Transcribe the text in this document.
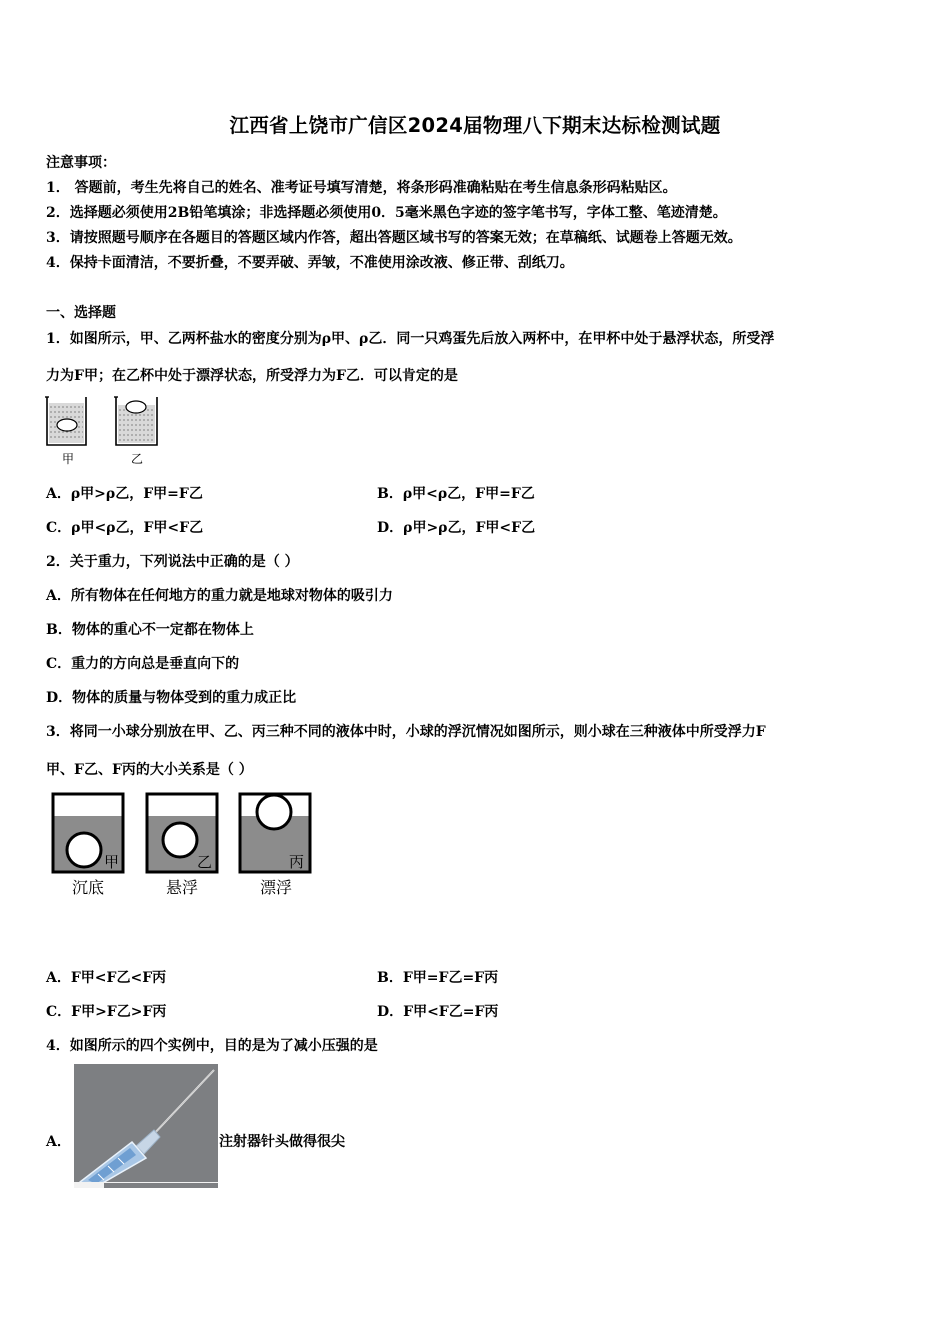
江西省上饶市广信区2024届物理八下期末达标检测试题
注意事项：
1． 答题前，考生先将自己的姓名、准考证号填写清楚，将条形码准确粘贴在考生信息条形码粘贴区。
2．选择题必须使用2B铅笔填涂；非选择题必须使用0．5毫米黑色字迹的签字笔书写，字体工整、笔迹清楚。
3．请按照题号顺序在各题目的答题区域内作答，超出答题区域书写的答案无效；在草稿纸、试题卷上答题无效。
4．保持卡面清洁，不要折叠，不要弄破、弄皱，不准使用涂改液、修正带、刮纸刀。
一、选择题
1．如图所示，甲、乙两杯盐水的密度分别为ρ甲、ρ乙．同一只鸡蛋先后放入两杯中，在甲杯中处于悬浮状态，所受浮
力为F甲；在乙杯中处于漂浮状态，所受浮力为F乙．可以肯定的是
甲	乙
A．ρ甲>ρ乙，F甲=F乙	B．ρ甲<ρ乙，F甲=F乙
C．ρ甲<ρ乙，F甲<F乙	D．ρ甲>ρ乙，F甲<F乙
2．关于重力，下列说法中正确的是（ ）
A．所有物体在任何地方的重力就是地球对物体的吸引力
B．物体的重心不一定都在物体上
C．重力的方向总是垂直向下的
D．物体的质量与物体受到的重力成正比
3．将同一小球分别放在甲、乙、丙三种不同的液体中时，小球的浮沉情况如图所示，则小球在三种液体中所受浮力F
甲、F乙、F丙的大小关系是（ ）
甲	乙	丙
沉底	悬浮	漂浮
A．F甲<F乙<F丙	B．F甲=F乙=F丙
C．F甲>F乙>F丙	D．F甲<F乙=F丙
4．如图所示的四个实例中，目的是为了减小压强的是
A．	注射器针头做得很尖
